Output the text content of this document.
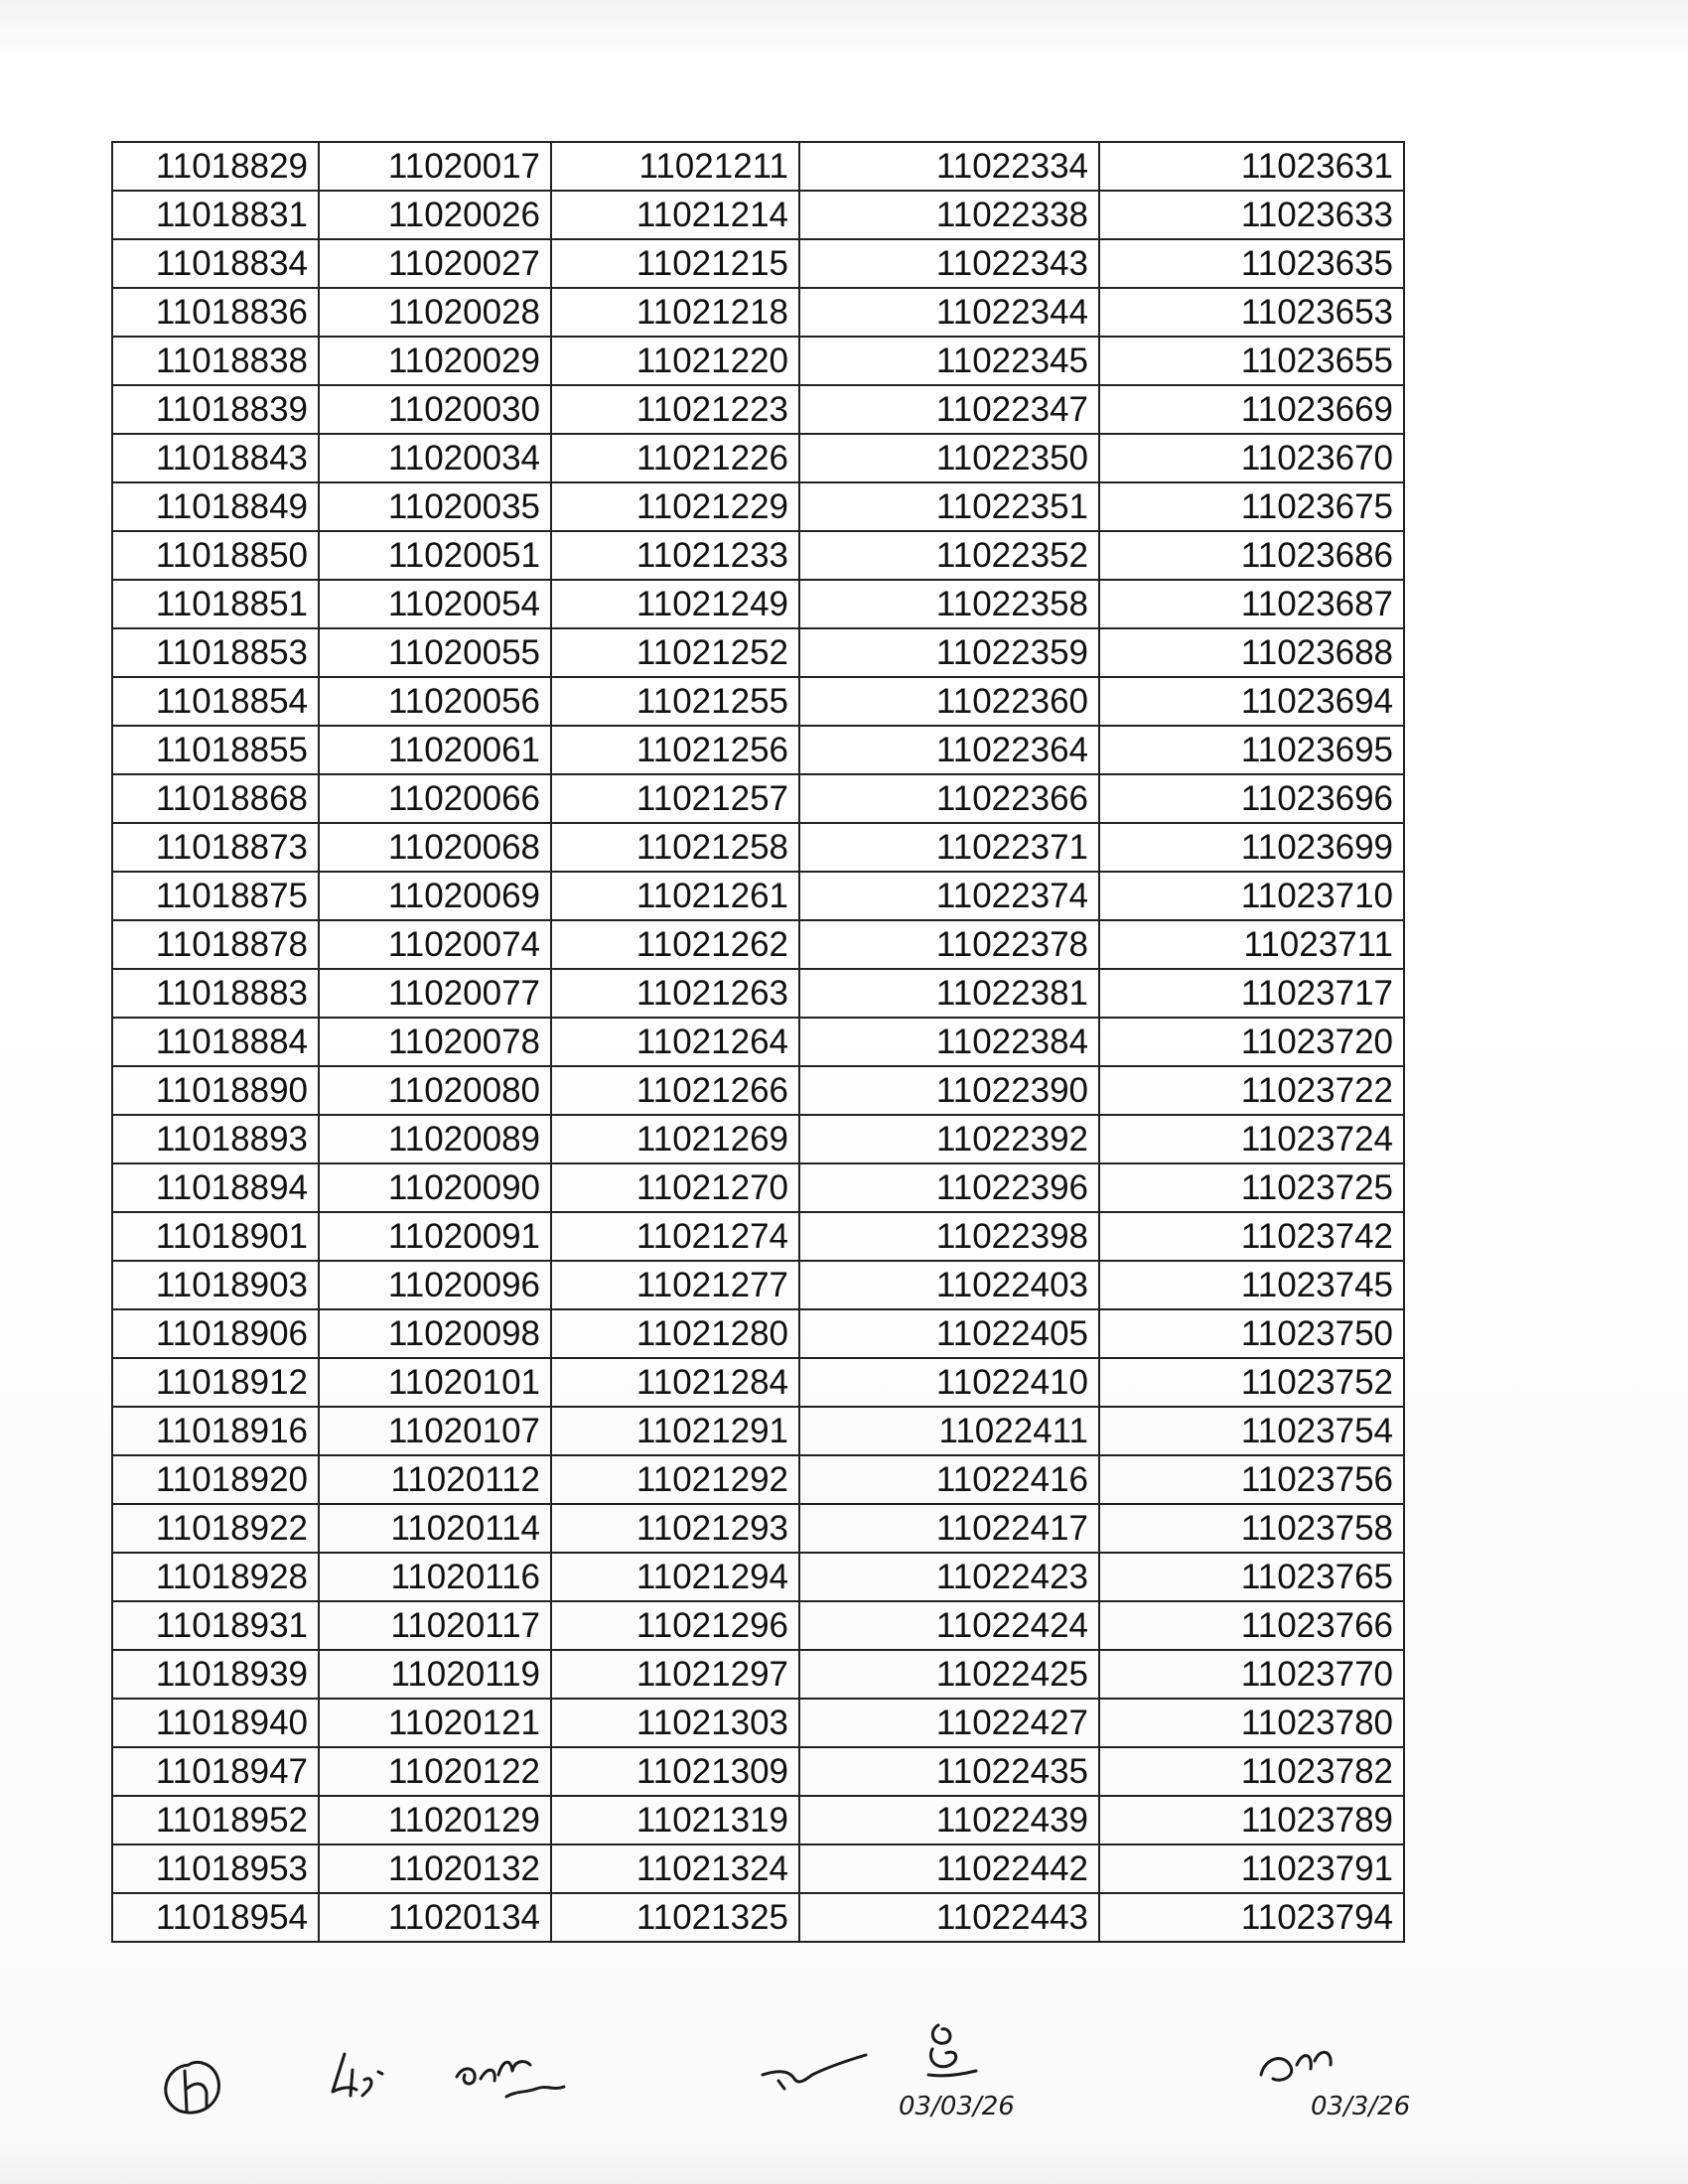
11018829	11020017	11021211	11022334	11023631
11018831	11020026	11021214	11022338	11023633
11018834	11020027	11021215	11022343	11023635
11018836	11020028	11021218	11022344	11023653
11018838	11020029	11021220	11022345	11023655
11018839	11020030	11021223	11022347	11023669
11018843	11020034	11021226	11022350	11023670
11018849	11020035	11021229	11022351	11023675
11018850	11020051	11021233	11022352	11023686
11018851	11020054	11021249	11022358	11023687
11018853	11020055	11021252	11022359	11023688
11018854	11020056	11021255	11022360	11023694
11018855	11020061	11021256	11022364	11023695
11018868	11020066	11021257	11022366	11023696
11018873	11020068	11021258	11022371	11023699
11018875	11020069	11021261	11022374	11023710
11018878	11020074	11021262	11022378	11023711
11018883	11020077	11021263	11022381	11023717
11018884	11020078	11021264	11022384	11023720
11018890	11020080	11021266	11022390	11023722
11018893	11020089	11021269	11022392	11023724
11018894	11020090	11021270	11022396	11023725
11018901	11020091	11021274	11022398	11023742
11018903	11020096	11021277	11022403	11023745
11018906	11020098	11021280	11022405	11023750
11018912	11020101	11021284	11022410	11023752
11018916	11020107	11021291	11022411	11023754
11018920	11020112	11021292	11022416	11023756
11018922	11020114	11021293	11022417	11023758
11018928	11020116	11021294	11022423	11023765
11018931	11020117	11021296	11022424	11023766
11018939	11020119	11021297	11022425	11023770
11018940	11020121	11021303	11022427	11023780
11018947	11020122	11021309	11022435	11023782
11018952	11020129	11021319	11022439	11023789
11018953	11020132	11021324	11022442	11023791
11018954	11020134	11021325	11022443	11023794
03/03/26	03/3/26
